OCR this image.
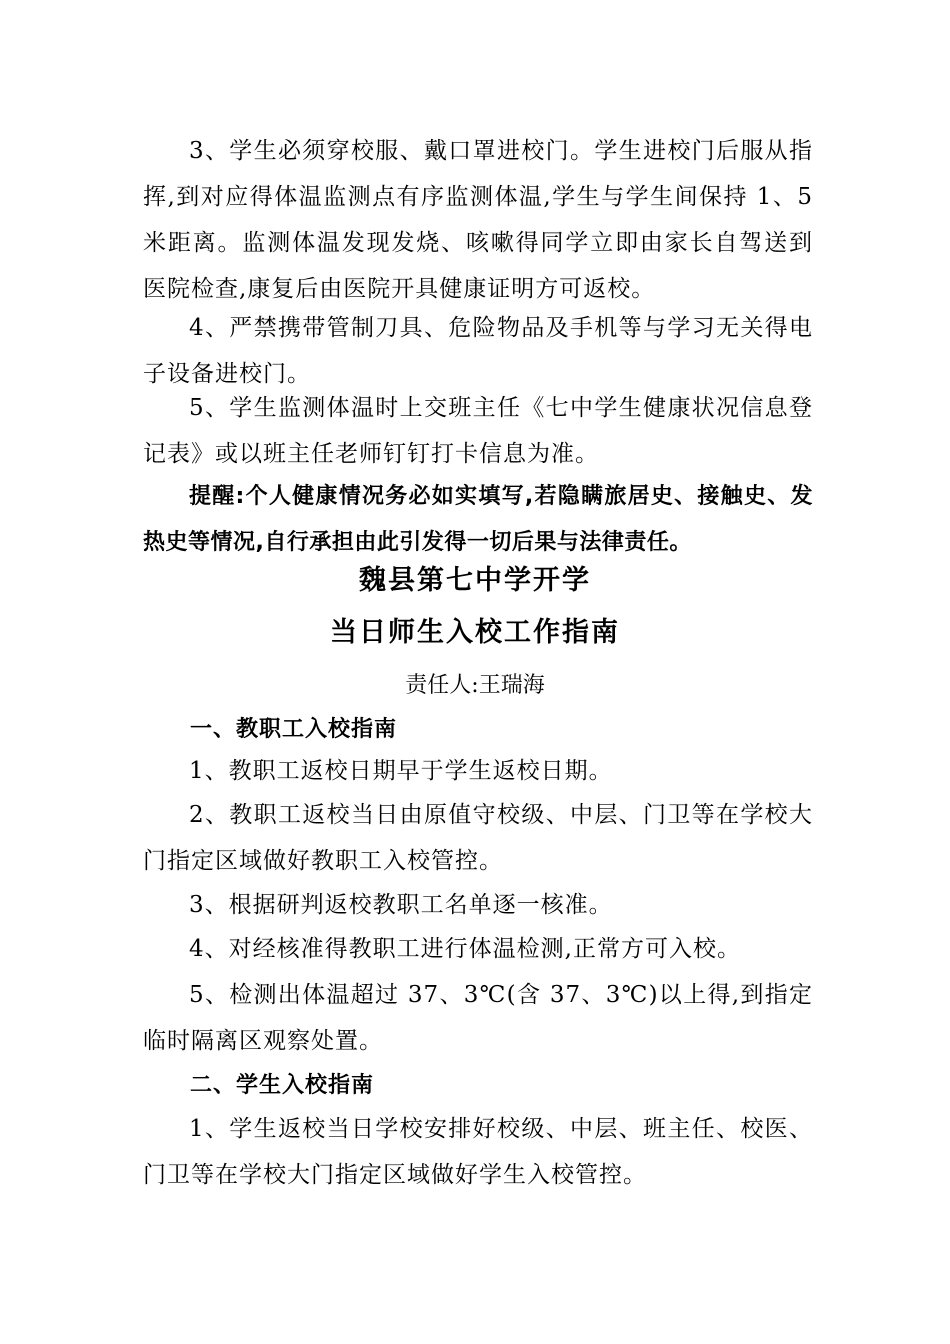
3、学生必须穿校服、戴口罩进校门。学生进校门后服从指挥,到对应得体温监测点有序监测体温,学生与学生间保持 1、5 米距离。监测体温发现发烧、咳嗽得同学立即由家长自驾送到医院检查,康复后由医院开具健康证明方可返校。

4、严禁携带管制刀具、危险物品及手机等与学习无关得电子设备进校门。

5、学生监测体温时上交班主任《七中学生健康状况信息登记表》或以班主任老师钉钉打卡信息为准。

提醒:个人健康情况务必如实填写,若隐瞒旅居史、接触史、发热史等情况,自行承担由此引发得一切后果与法律责任。

魏县第七中学开学
当日师生入校工作指南

责任人:王瑞海

一、教职工入校指南

1、教职工返校日期早于学生返校日期。

2、教职工返校当日由原值守校级、中层、门卫等在学校大门指定区域做好教职工入校管控。

3、根据研判返校教职工名单逐一核准。

4、对经核准得教职工进行体温检测,正常方可入校。

5、检测出体温超过 37、3℃(含 37、3℃)以上得,到指定临时隔离区观察处置。

二、学生入校指南

1、学生返校当日学校安排好校级、中层、班主任、校医、门卫等在学校大门指定区域做好学生入校管控。
